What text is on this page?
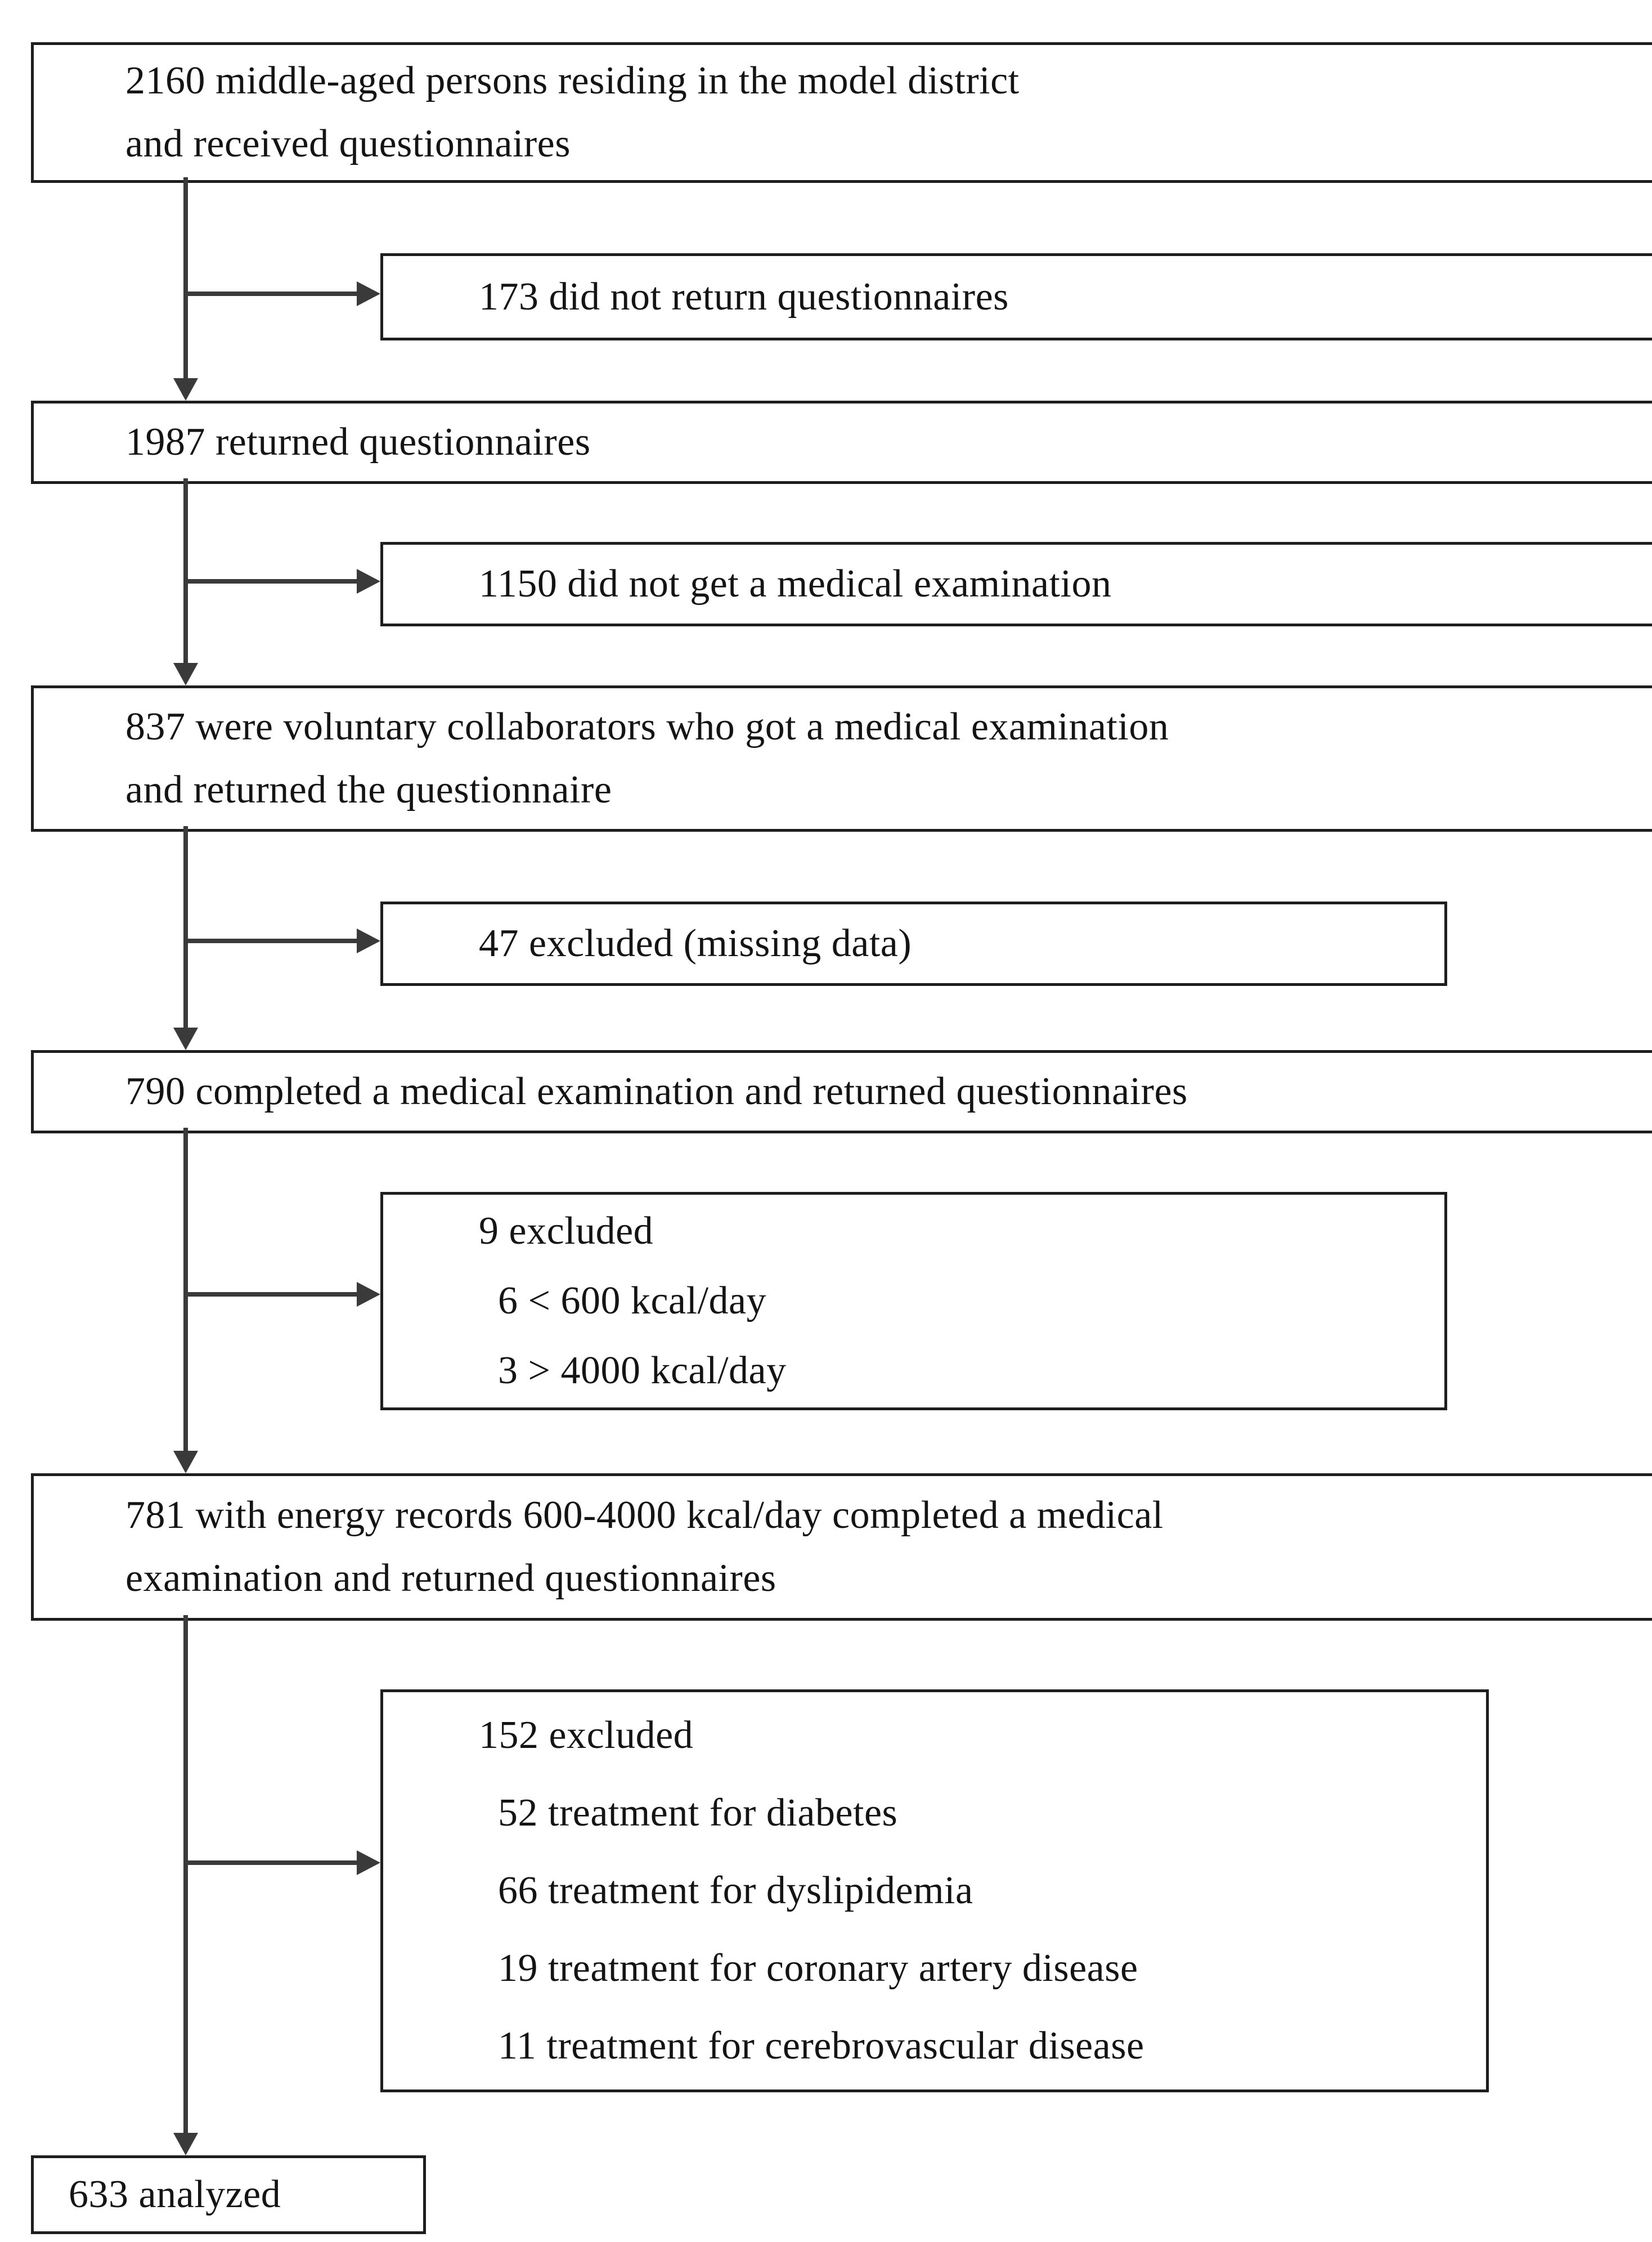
2160 middle-aged persons residing in the model district
and received questionnaires
1987 returned questionnaires
837 were voluntary collaborators who got a medical examination
and returned the questionnaire
790 completed a medical examination and returned questionnaires
781 with energy records 600-4000 kcal/day completed a medical
examination and returned questionnaires
633 analyzed
173 did not return questionnaires
1150 did not get a medical examination
47 excluded (missing data)
9 excluded
6 < 600 kcal/day
3 > 4000 kcal/day
152 excluded
52 treatment for diabetes
66 treatment for dyslipidemia
19 treatment for coronary artery disease
11 treatment for cerebrovascular disease
